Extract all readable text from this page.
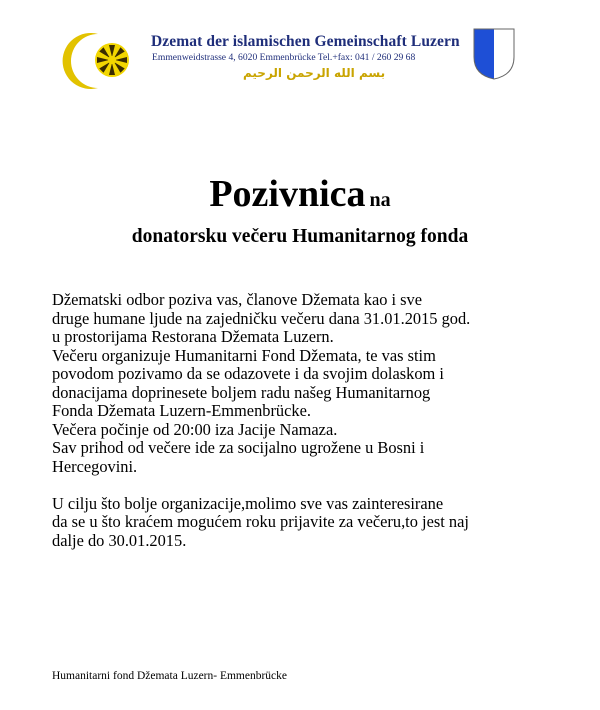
Dzemat der islamischen Gemeinschaft Luzern
Emmenweidstrasse 4, 6020 Emmenbrücke Tel.+fax: 041 / 260 29 68
بسم الله الرحمن الرحيم
Pozivnica na
donatorsku večeru Humanitarnog fonda

Džematski odbor poziva vas, članove Džemata kao i sve
druge humane ljude na zajedničku večeru dana 31.01.2015 god.
u prostorijama Restorana Džemata Luzern.

Večeru organizuje Humanitarni Fond Džemata, te vas stim
povodom pozivamo da se odazovete i da svojim dolaskom i
donacijama doprinesete boljem radu našeg Humanitarnog
Fonda Džemata Luzern-Emmenbrücke.

Večera počinje od 20:00 iza Jacije Namaza.
Sav prihod od večere ide za socijalno ugrožene u Bosni i
Hercegovini.

U cilju što bolje organizacije,molimo sve vas zainteresirane
da se u što kraćem mogućem roku prijavite za večeru,to jest naj
dalje do 30.01.2015.

Humanitarni fond Džemata Luzern- Emmenbrücke
